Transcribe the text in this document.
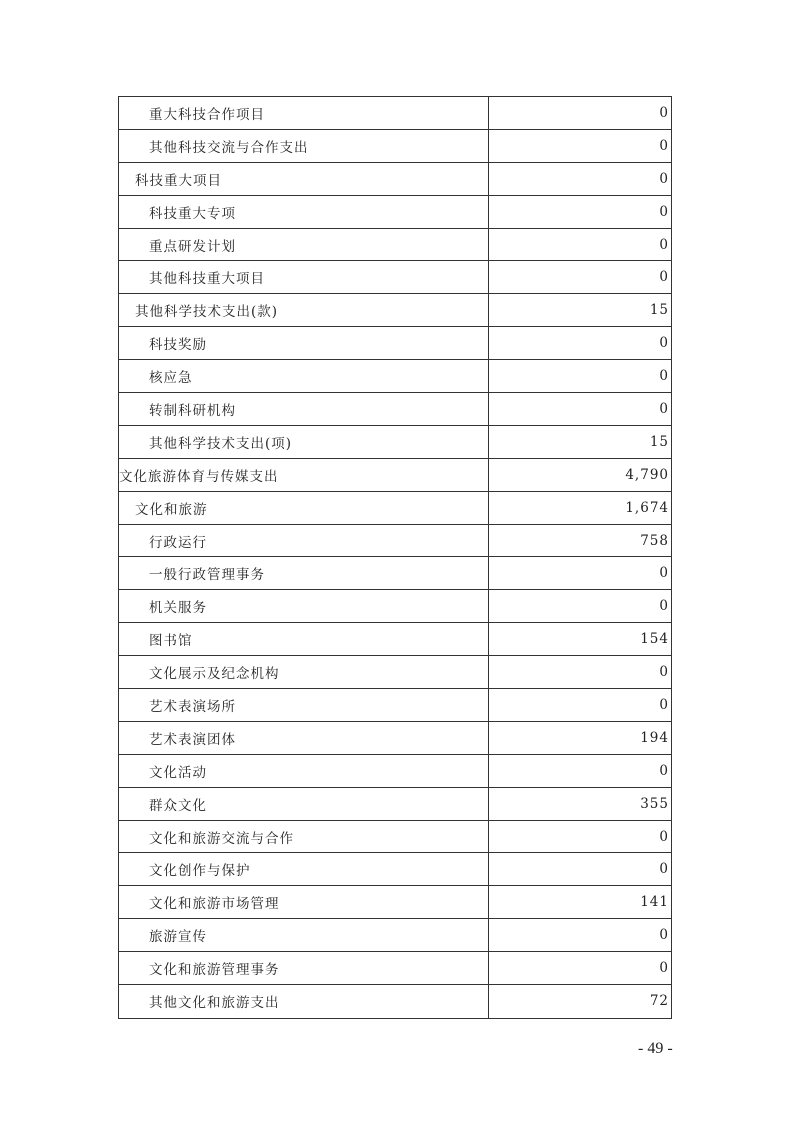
重大科技合作项目	0
其他科技交流与合作支出	0
科技重大项目	0
科技重大专项	0
重点研发计划	0
其他科技重大项目	0
其他科学技术支出(款)	15
科技奖励	0
核应急	0
转制科研机构	0
其他科学技术支出(项)	15
文化旅游体育与传媒支出	4,790
文化和旅游	1,674
行政运行	758
一般行政管理事务	0
机关服务	0
图书馆	154
文化展示及纪念机构	0
艺术表演场所	0
艺术表演团体	194
文化活动	0
群众文化	355
文化和旅游交流与合作	0
文化创作与保护	0
文化和旅游市场管理	141
旅游宣传	0
文化和旅游管理事务	0
其他文化和旅游支出	72
- 49 -
